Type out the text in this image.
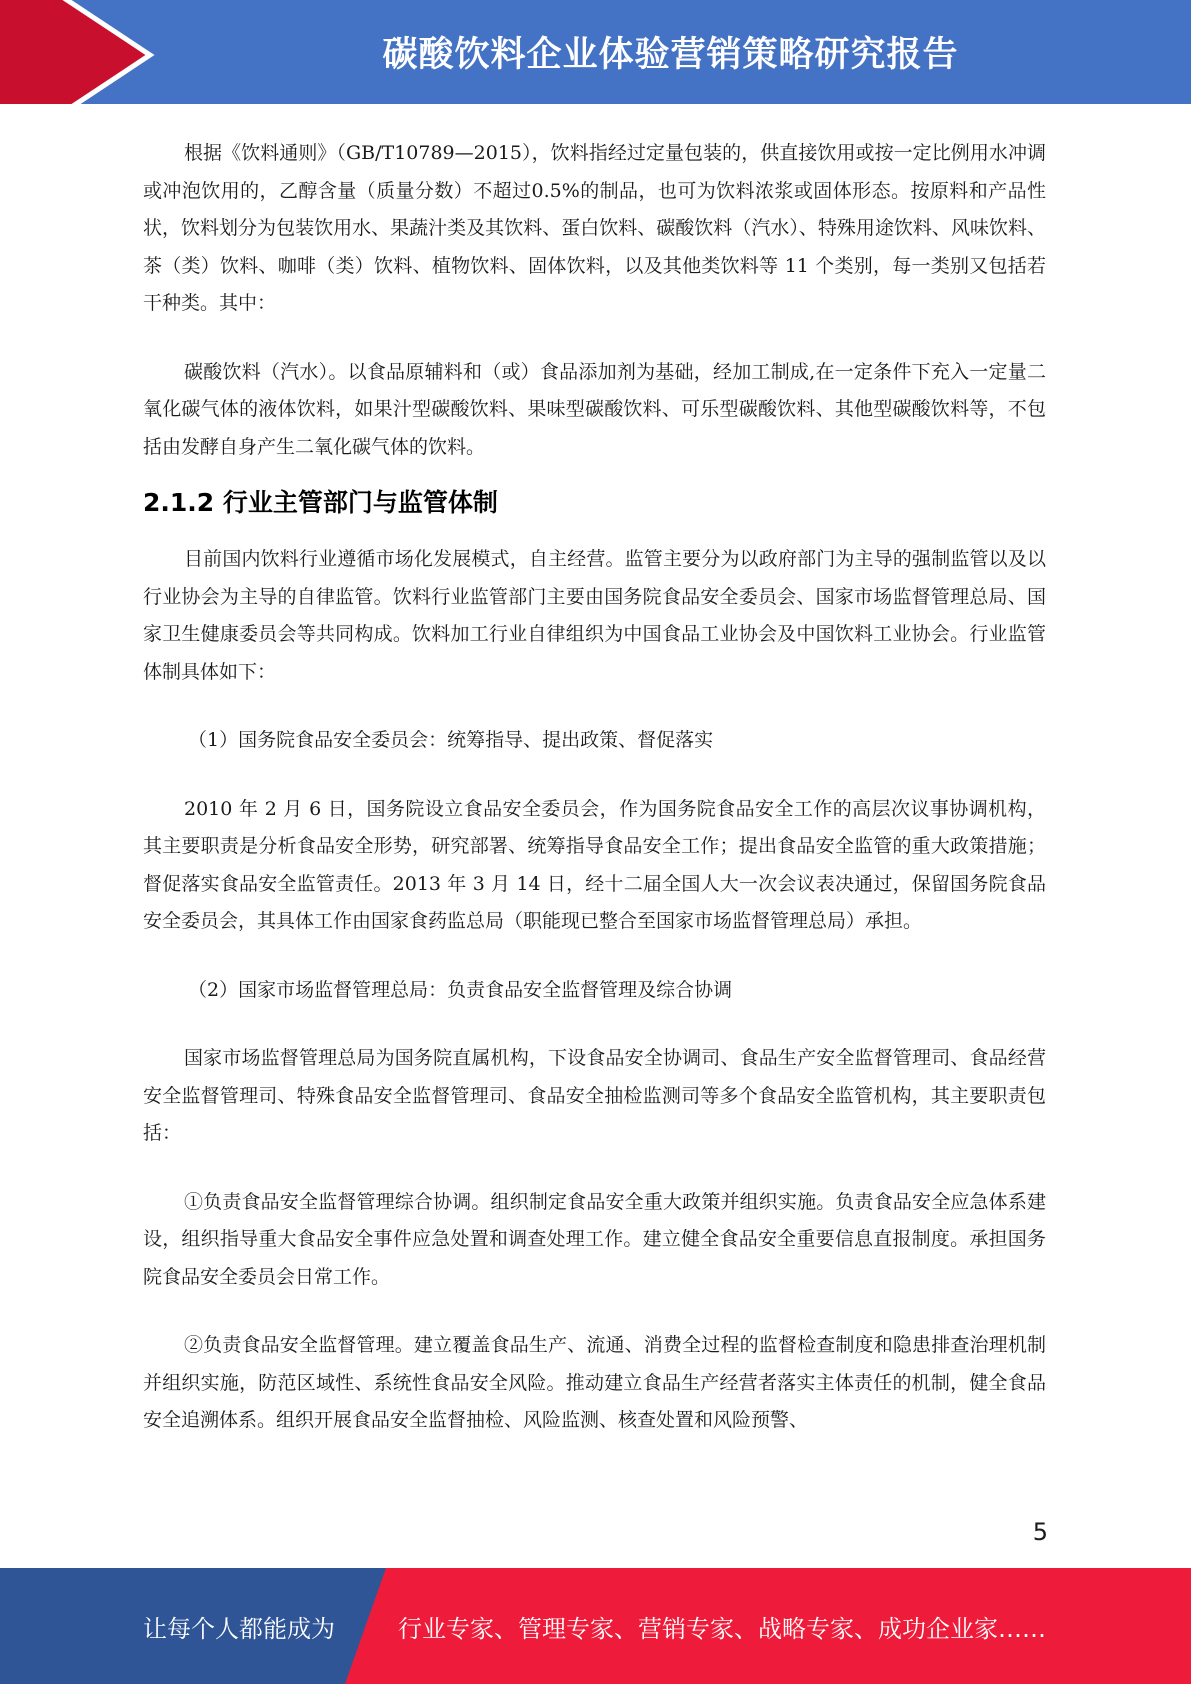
碳酸饮料企业体验营销策略研究报告

根据《饮料通则》（GB/T10789—2015），饮料指经过定量包装的，供直接饮用或按一定比例用水冲调或冲泡饮用的，乙醇含量（质量分数）不超过0.5%的制品，也可为饮料浓浆或固体形态。按原料和产品性状，饮料划分为包装饮用水、果蔬汁类及其饮料、蛋白饮料、碳酸饮料（汽水）、特殊用途饮料、风味饮料、茶（类）饮料、咖啡（类）饮料、植物饮料、固体饮料，以及其他类饮料等 11 个类别，每一类别又包括若干种类。其中：

碳酸饮料（汽水）。以食品原辅料和（或）食品添加剂为基础，经加工制成,在一定条件下充入一定量二氧化碳气体的液体饮料，如果汁型碳酸饮料、果味型碳酸饮料、可乐型碳酸饮料、其他型碳酸饮料等，不包括由发酵自身产生二氧化碳气体的饮料。

2.1.2 行业主管部门与监管体制

目前国内饮料行业遵循市场化发展模式，自主经营。监管主要分为以政府部门为主导的强制监管以及以行业协会为主导的自律监管。饮料行业监管部门主要由国务院食品安全委员会、国家市场监督管理总局、国家卫生健康委员会等共同构成。饮料加工行业自律组织为中国食品工业协会及中国饮料工业协会。行业监管体制具体如下：

（1）国务院食品安全委员会：统筹指导、提出政策、督促落实

2010 年 2 月 6 日，国务院设立食品安全委员会，作为国务院食品安全工作的高层次议事协调机构，其主要职责是分析食品安全形势，研究部署、统筹指导食品安全工作；提出食品安全监管的重大政策措施；督促落实食品安全监管责任。2013 年 3 月 14 日，经十二届全国人大一次会议表决通过，保留国务院食品安全委员会，其具体工作由国家食药监总局（职能现已整合至国家市场监督管理总局）承担。

（2）国家市场监督管理总局：负责食品安全监督管理及综合协调

国家市场监督管理总局为国务院直属机构，下设食品安全协调司、食品生产安全监督管理司、食品经营安全监督管理司、特殊食品安全监督管理司、食品安全抽检监测司等多个食品安全监管机构，其主要职责包括：

①负责食品安全监督管理综合协调。组织制定食品安全重大政策并组织实施。负责食品安全应急体系建设，组织指导重大食品安全事件应急处置和调查处理工作。建立健全食品安全重要信息直报制度。承担国务院食品安全委员会日常工作。

②负责食品安全监督管理。建立覆盖食品生产、流通、消费全过程的监督检查制度和隐患排查治理机制并组织实施，防范区域性、系统性食品安全风险。推动建立食品生产经营者落实主体责任的机制，健全食品安全追溯体系。组织开展食品安全监督抽检、风险监测、核查处置和风险预警、

5
让每个人都能成为	行业专家、管理专家、营销专家、战略专家、成功企业家……
